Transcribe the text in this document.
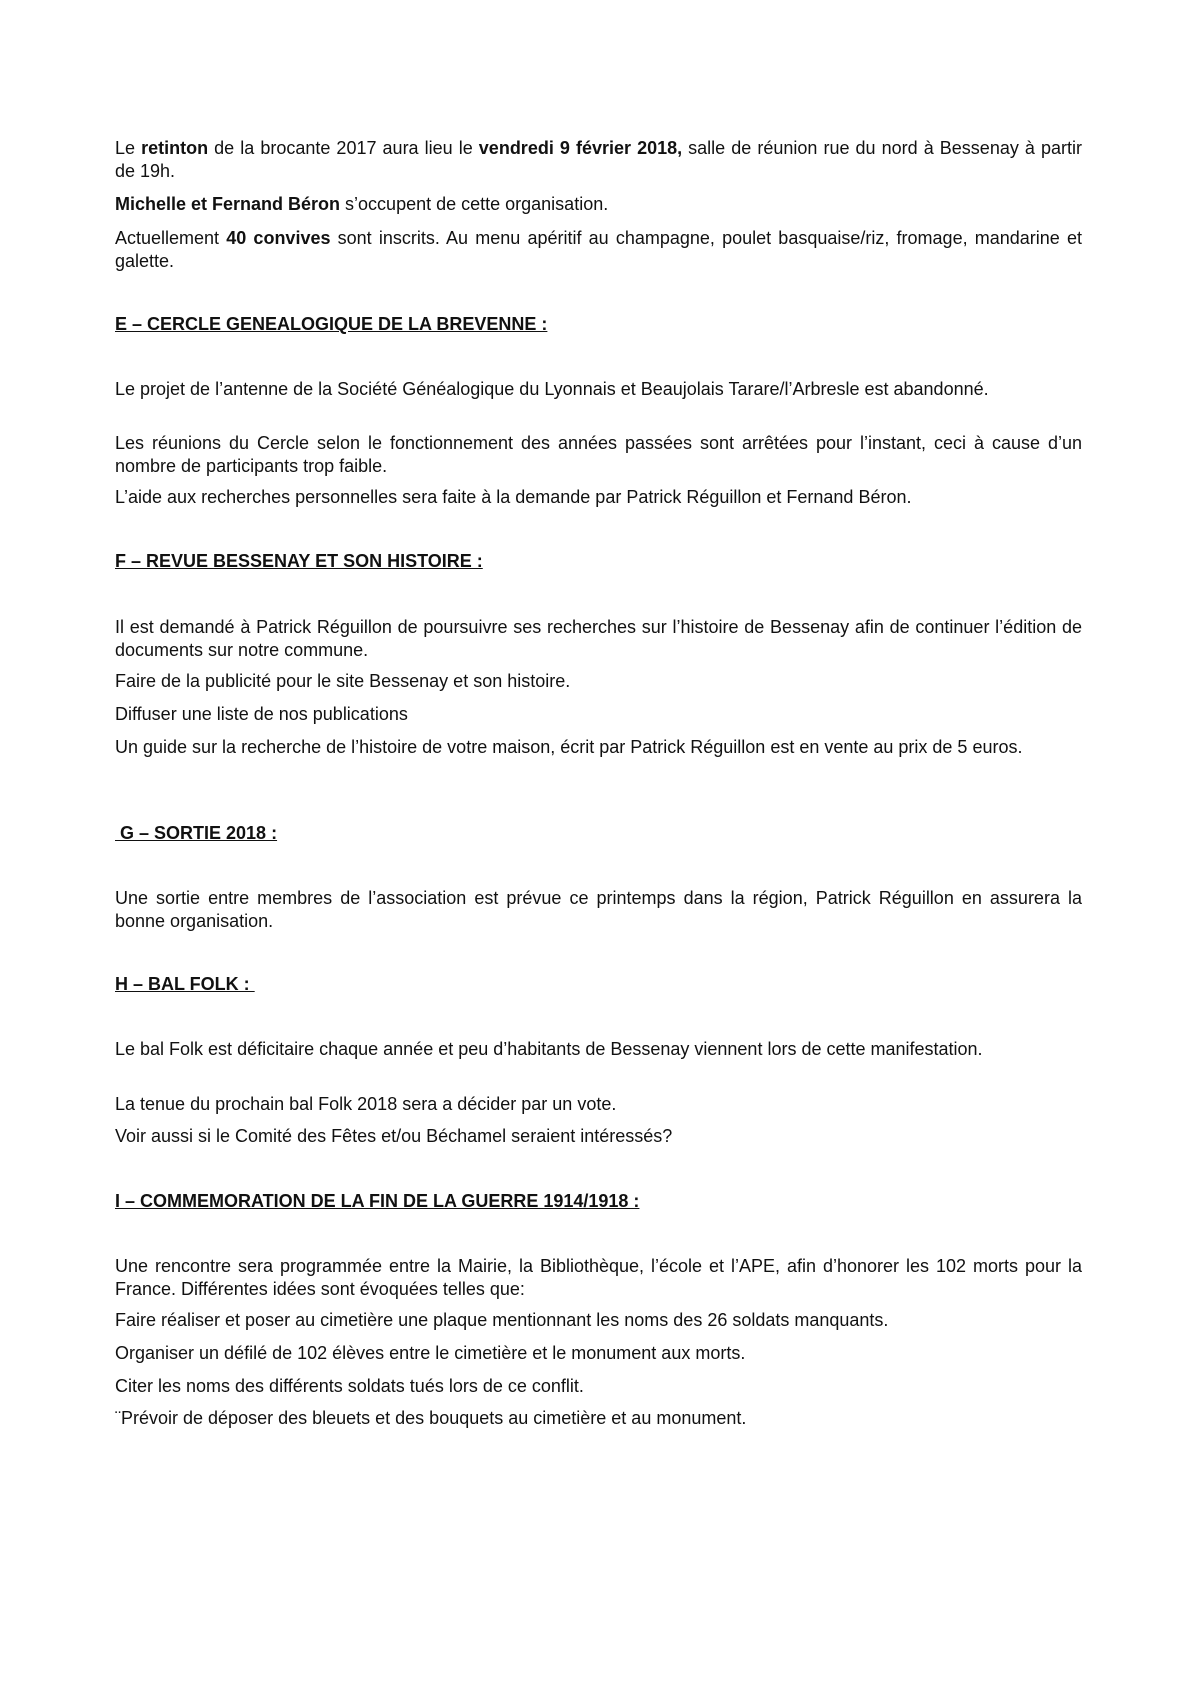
Le retinton de la brocante 2017 aura lieu le vendredi 9 février 2018, salle de réunion rue du nord à Bessenay à partir de 19h.

Michelle et Fernand Béron s’occupent de cette organisation.

Actuellement 40 convives sont inscrits. Au menu apéritif au champagne, poulet basquaise/riz, fromage, mandarine et galette.

E – CERCLE GENEALOGIQUE DE LA BREVENNE :

Le projet de l’antenne de la Société Généalogique du Lyonnais et Beaujolais Tarare/l’Arbresle est abandonné.

Les réunions du Cercle selon le fonctionnement des années passées sont arrêtées pour l’instant, ceci à cause d’un nombre de participants trop faible.

L’aide aux recherches personnelles sera faite à la demande par Patrick Réguillon et Fernand Béron.

F – REVUE BESSENAY ET SON HISTOIRE :

Il est demandé à Patrick Réguillon de poursuivre ses recherches sur l’histoire de Bessenay afin de continuer l’édition de documents sur notre commune.

Faire de la publicité pour le site Bessenay et son histoire.

Diffuser une liste de nos publications

Un guide sur la recherche de l’histoire de votre maison, écrit par Patrick Réguillon est en vente au prix de 5 euros.

G – SORTIE 2018 :

Une sortie entre membres de l’association est prévue ce printemps dans la région, Patrick Réguillon en assurera la bonne organisation.

H – BAL FOLK :

Le bal Folk est déficitaire chaque année et peu d’habitants de Bessenay viennent lors de cette manifestation.

La tenue du prochain bal Folk 2018 sera a décider par un vote.

Voir aussi si le Comité des Fêtes et/ou Béchamel seraient intéressés?

I – COMMEMORATION DE LA FIN DE LA GUERRE 1914/1918 :

Une rencontre sera programmée entre la Mairie, la Bibliothèque, l’école et l’APE, afin d’honorer les 102 morts pour la France. Différentes idées sont évoquées telles que:

Faire réaliser et poser au cimetière une plaque mentionnant les noms des 26 soldats manquants.

Organiser un défilé de 102 élèves entre le cimetière et le monument aux morts.

Citer les noms des différents soldats tués lors de ce conflit.

¨Prévoir de déposer des bleuets et des bouquets au cimetière et au monument.
